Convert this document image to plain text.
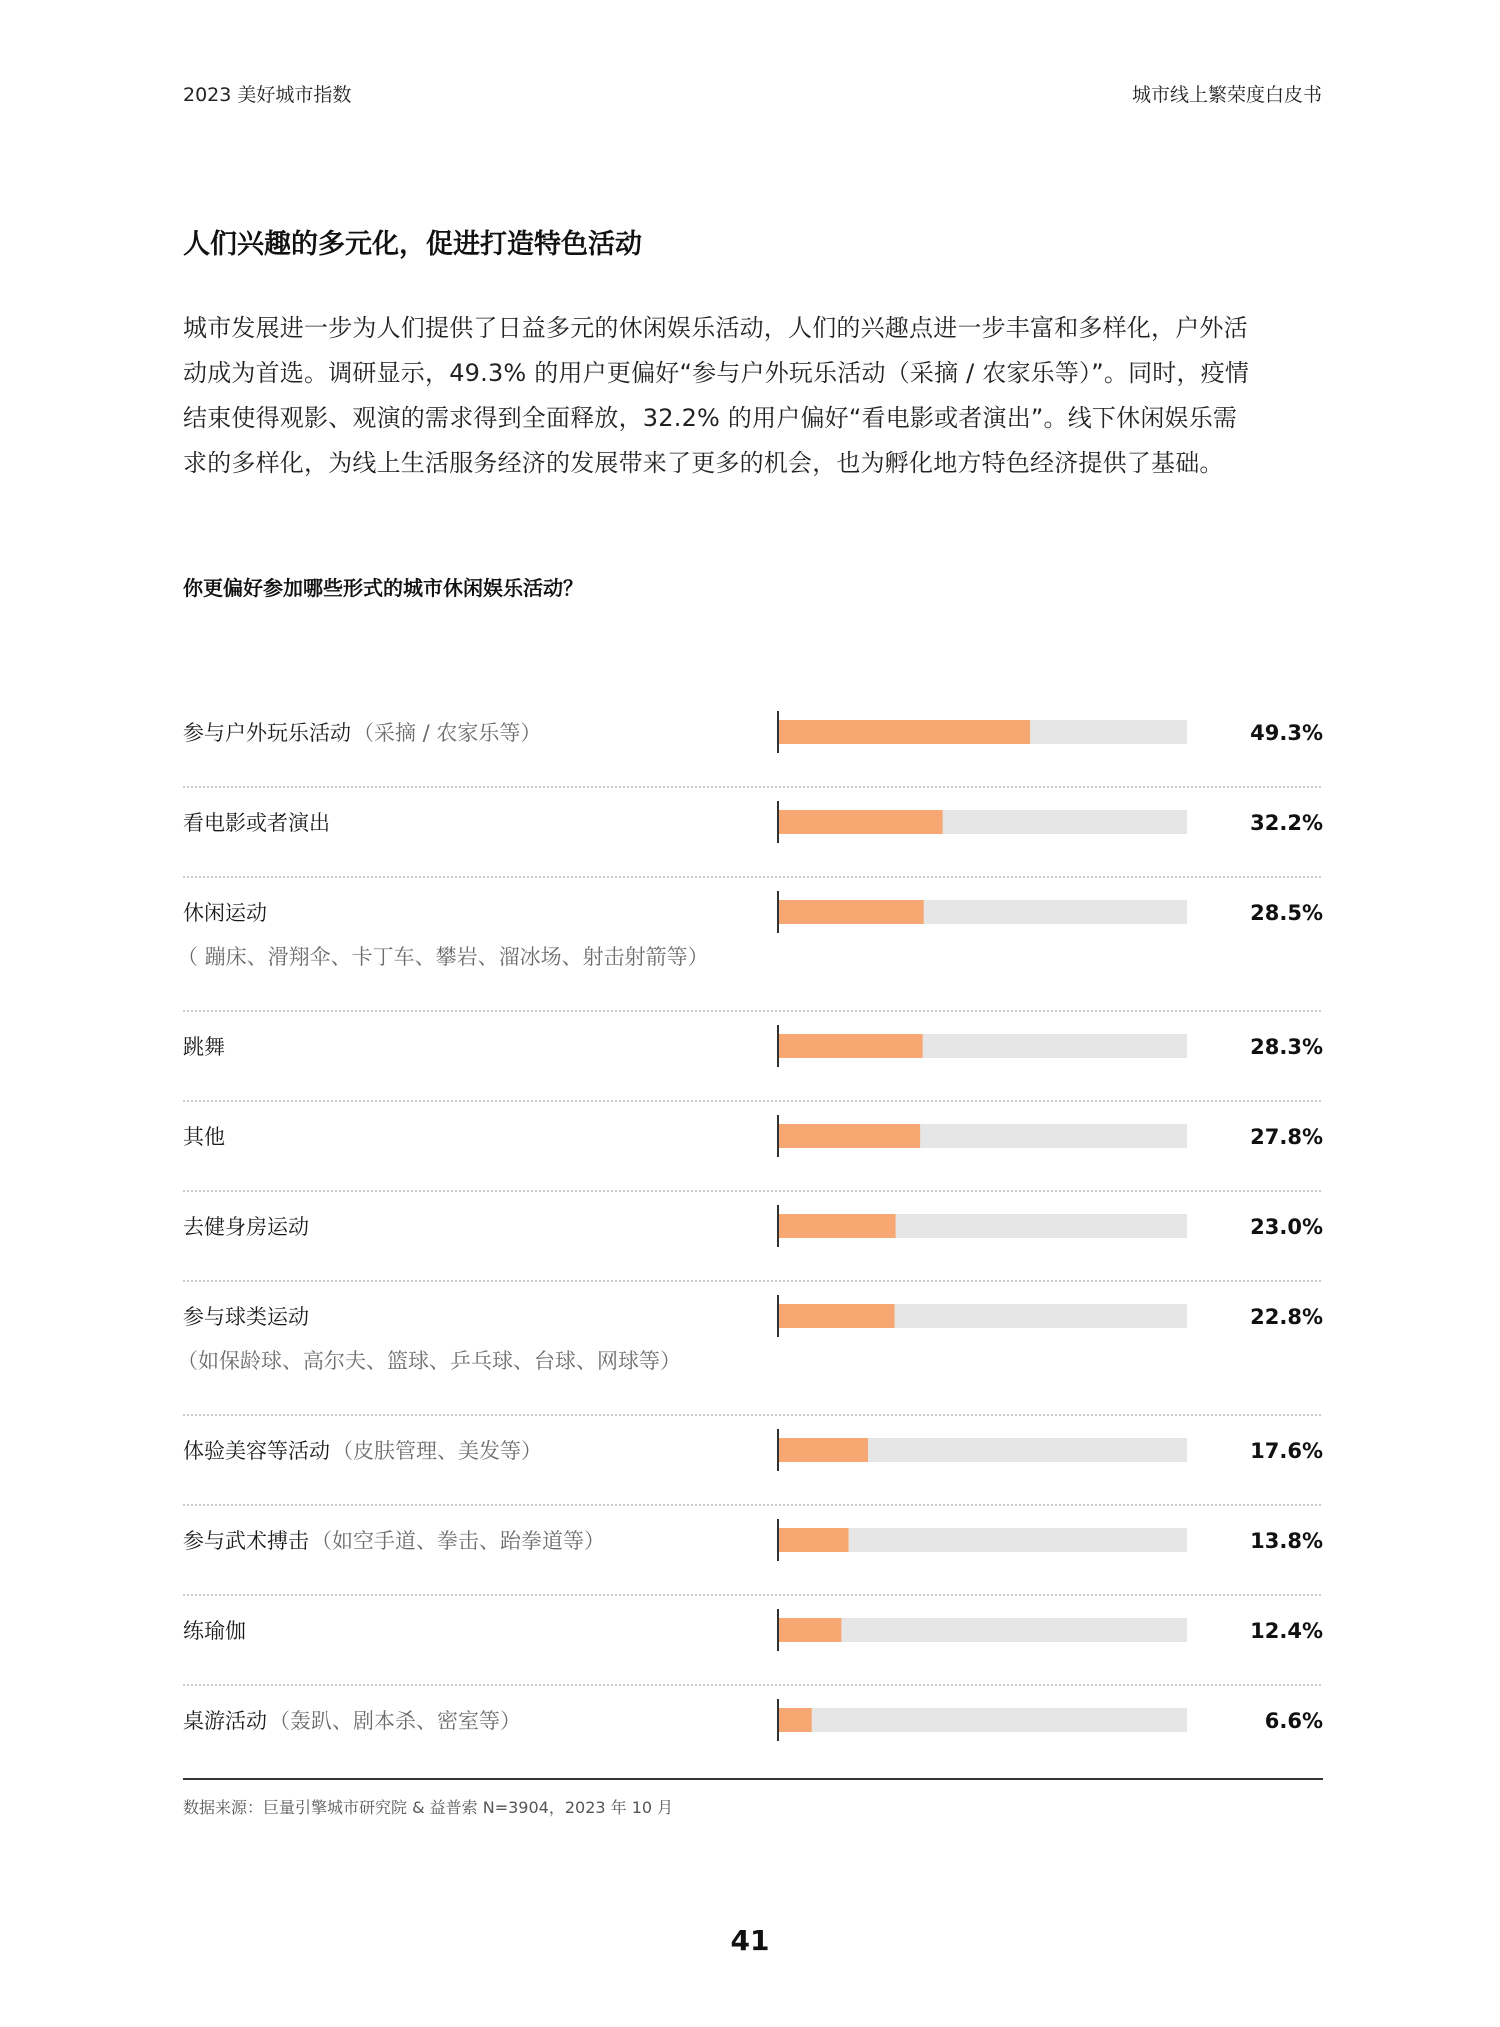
2023 美好城市指数	城市线上繁荣度白皮书
人们兴趣的多元化，促进打造特色活动
城市发展进一步为人们提供了日益多元的休闲娱乐活动，人们的兴趣点进一步丰富和多样化，户外活
动成为首选。调研显示，49.3% 的用户更偏好“参与户外玩乐活动（采摘 / 农家乐等）”。同时，疫情
结束使得观影、观演的需求得到全面释放，32.2% 的用户偏好“看电影或者演出”。线下休闲娱乐需
求的多样化，为线上生活服务经济的发展带来了更多的机会，也为孵化地方特色经济提供了基础。
你更偏好参加哪些形式的城市休闲娱乐活动？
参与户外玩乐活动（采摘 / 农家乐等）	49.3%
看电影或者演出	32.2%
休闲运动
（ 蹦床、滑翔伞、卡丁车、攀岩、溜冰场、射击射箭等）
28.5%
跳舞	28.3%
其他	27.8%
去健身房运动	23.0%
参与球类运动
（如保龄球、高尔夫、篮球、乒乓球、台球、网球等）
22.8%
体验美容等活动（皮肤管理、美发等）	17.6%
参与武术搏击（如空手道、拳击、跆拳道等）	13.8%
练瑜伽	12.4%
桌游活动（轰趴、剧本杀、密室等）	6.6%
数据来源：巨量引擎城市研究院 & 益普索 N=3904，2023 年 10 月
41
